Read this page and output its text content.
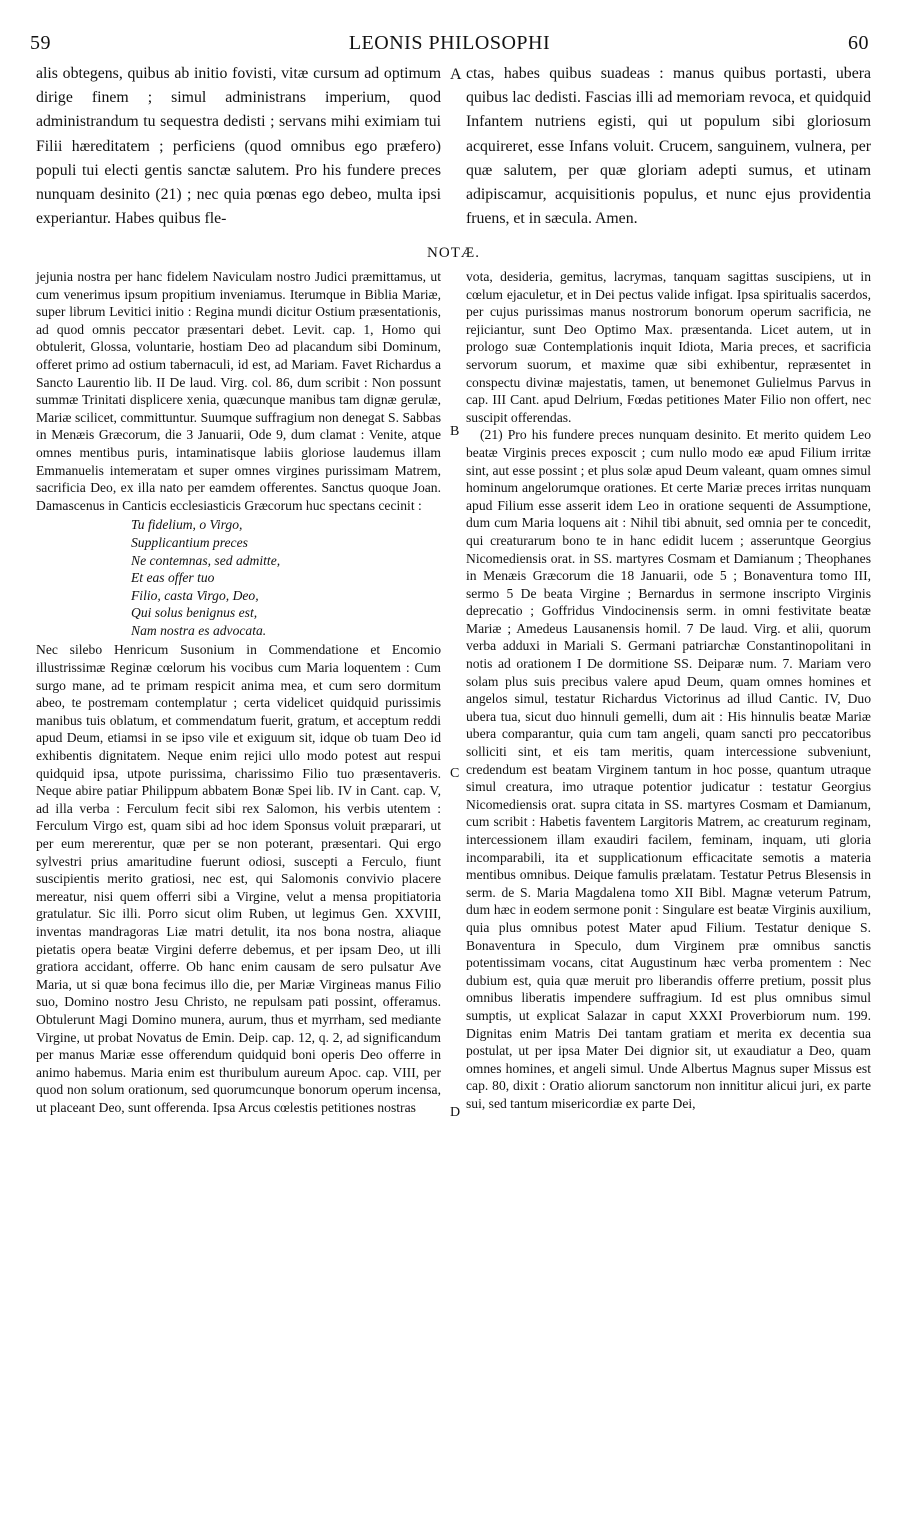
59	LEONIS PHILOSOPHI	60

alis obtegens, quibus ab initio fovisti, vitæ cursum ad optimum dirige finem ; simul administrans imperium, quod administrandum tu sequestra dedisti ; servans mihi eximiam tui Filii hæreditatem ; perficiens (quod omnibus ego præfero) populi tui electi gentis sanctæ salutem. Pro his fundere preces nunquam desinito (21) ; nec quia pœnas ego debeo, multa ipsi experiantur. Habes quibus fle-

ctas, habes quibus suadeas : manus quibus portasti, ubera quibus lac dedisti. Fascias illi ad memoriam revoca, et quidquid Infantem nutriens egisti, qui ut populum sibi gloriosum acquireret, esse Infans voluit. Crucem, sanguinem, vulnera, per quæ salutem, per quæ gloriam adepti sumus, et utinam adipiscamur, acquisitionis populus, et nunc ejus providentia fruens, et in sæcula. Amen.

A
NOTÆ.

jejunia nostra per hanc fidelem Naviculam nostro Judici præmittamus, ut cum venerimus ipsum propitium inveniamus. Iterumque in Biblia Mariæ, super librum Levitici initio : Regina mundi dicitur Ostium præsentationis, ad quod omnis peccator præsentari debet. Levit. cap. 1, Homo qui obtulerit, Glossa, voluntarie, hostiam Deo ad placandum sibi Dominum, offeret primo ad ostium tabernaculi, id est, ad Mariam. Favet Richardus a Sancto Laurentio lib. II De laud. Virg. col. 86, dum scribit : Non possunt summæ Trinitati displicere xenia, quæcunque manibus tam dignæ gerulæ, Mariæ scilicet, committuntur. Suumque suffragium non denegat S. Sabbas in Menæis Græcorum, die 3 Januarii, Ode 9, dum clamat : Venite, atque omnes mentibus puris, intaminatisque labiis gloriose laudemus illam Emmanuelis intemeratam et super omnes virgines purissimam Matrem, sacrificia Deo, ex illa nato per eamdem offerentes. Sanctus quoque Joan. Damascenus in Canticis ecclesiasticis Græcorum huc spectans cecinit :

Tu fidelium, o Virgo,
Supplicantium preces
Ne contemnas, sed admitte,
Et eas offer tuo
Filio, casta Virgo, Deo,
Qui solus benignus est,
Nam nostra es advocata.

Nec silebo Henricum Susonium in Commendatione et Encomio illustrissimæ Reginæ cœlorum his vocibus cum Maria loquentem : Cum surgo mane, ad te primam respicit anima mea, et cum sero dormitum abeo, te postremam contemplatur ; certa videlicet quidquid purissimis manibus tuis oblatum, et commendatum fuerit, gratum, et acceptum reddi apud Deum, etiamsi in se ipso vile et exiguum sit, idque ob tuam Deo id exhibentis dignitatem. Neque enim rejici ullo modo potest aut respui quidquid ipsa, utpote purissima, charissimo Filio tuo præsentaveris. Neque abire patiar Philippum abbatem Bonæ Spei lib. IV in Cant. cap. V, ad illa verba : Ferculum fecit sibi rex Salomon, his verbis utentem : Ferculum Virgo est, quam sibi ad hoc idem Sponsus voluit præparari, ut per eum mererentur, quæ per se non poterant, præsentari. Qui ergo sylvestri prius amaritudine fuerunt odiosi, suscepti a Ferculo, fiunt suscipientis merito gratiosi, nec est, qui Salomonis convivio placere mereatur, nisi quem offerri sibi a Virgine, velut a mensa propitiatoria gratulatur. Sic illi. Porro sicut olim Ruben, ut legimus Gen. XXVIII, inventas mandragoras Liæ matri detulit, ita nos bona nostra, aliaque pietatis opera beatæ Virgini deferre debemus, et per ipsam Deo, ut illi gratiora accidant, offerre. Ob hanc enim causam de sero pulsatur Ave Maria, ut si quæ bona fecimus illo die, per Mariæ Virgineas manus Filio suo, Domino nostro Jesu Christo, ne repulsam pati possint, offeramus. Obtulerunt Magi Domino munera, aurum, thus et myrrham, sed mediante Virgine, ut probat Novatus de Emin. Deip. cap. 12, q. 2, ad significandum per manus Mariæ esse offerendum quidquid boni operis Deo offerre in animo habemus. Maria enim est thuribulum aureum Apoc. cap. VIII, per quod non solum orationum, sed quorumcunque bonorum operum incensa, ut placeant Deo, sunt offerenda. Ipsa Arcus cœlestis petitiones nostras

vota, desideria, gemitus, lacrymas, tanquam sagittas suscipiens, ut in cœlum ejaculetur, et in Dei pectus valide infigat. Ipsa spiritualis sacerdos, per cujus purissimas manus nostrorum bonorum operum sacrificia, ne rejiciantur, sunt Deo Optimo Max. præsentanda. Licet autem, ut in prologo suæ Contemplationis inquit Idiota, Maria preces, et sacrificia servorum suorum, et maxime quæ sibi exhibentur, repræsentet in conspectu divinæ majestatis, tamen, ut benemonet Gulielmus Parvus in cap. III Cant. apud Delrium, Fœdas petitiones Mater Filio non offert, nec suscipit offerendas.

(21) Pro his fundere preces nunquam desinito. Et merito quidem Leo beatæ Virginis preces exposcit ; cum nullo modo eæ apud Filium irritæ sint, aut esse possint ; et plus solæ apud Deum valeant, quam omnes simul hominum angelorumque orationes. Et certe Mariæ preces irritas nunquam apud Filium esse asserit idem Leo in oratione sequenti de Assumptione, dum cum Maria loquens ait : Nihil tibi abnuit, sed omnia per te concedit, qui creaturarum bono te in hanc edidit lucem ; asseruntque Georgius Nicomediensis orat. in SS. martyres Cosmam et Damianum ; Theophanes in Menæis Græcorum die 18 Januarii, ode 5 ; Bonaventura tomo III, sermo 5 De beata Virgine ; Bernardus in sermone inscripto Virginis deprecatio ; Goffridus Vindocinensis serm. in omni festivitate beatæ Mariæ ; Amedeus Lausanensis homil. 7 De laud. Virg. et alii, quorum verba adduxi in Mariali S. Germani patriarchæ Constantinopolitani in notis ad orationem I De dormitione SS. Deiparæ num. 7. Mariam vero solam plus suis precibus valere apud Deum, quam omnes homines et angelos simul, testatur Richardus Victorinus ad illud Cantic. IV, Duo ubera tua, sicut duo hinnuli gemelli, dum ait : His hinnulis beatæ Mariæ ubera comparantur, quia cum tam angeli, quam sancti pro peccatoribus solliciti sint, et eis tam meritis, quam intercessione subveniunt, credendum est beatam Virginem tantum in hoc posse, quantum utraque simul creatura, imo utraque potentior judicatur : testatur Georgius Nicomediensis orat. supra citata in SS. martyres Cosmam et Damianum, cum scribit : Habetis faventem Largitoris Matrem, ac creaturum reginam, intercessionem illam exaudiri facilem, feminam, inquam, uti gloria incomparabili, ita et supplicationum efficacitate semotis a materia mentibus omnibus. Deique famulis prælatam. Testatur Petrus Blesensis in serm. de S. Maria Magdalena tomo XII Bibl. Magnæ veterum Patrum, dum hæc in eodem sermone ponit : Singulare est beatæ Virginis auxilium, quia plus omnibus potest Mater apud Filium. Testatur denique S. Bonaventura in Speculo, dum Virginem præ omnibus sanctis potentissimam vocans, citat Augustinum hæc verba promentem : Nec dubium est, quia quæ meruit pro liberandis offerre pretium, possit plus omnibus liberatis impendere suffragium. Id est plus omnibus simul sumptis, ut explicat Salazar in caput XXXI Proverbiorum num. 199. Dignitas enim Matris Dei tantam gratiam et merita ex decentia sua postulat, ut per ipsa Mater Dei dignior sit, ut exaudiatur a Deo, quam omnes homines, et angeli simul. Unde Albertus Magnus super Missus est cap. 80, dixit : Oratio aliorum sanctorum non innititur alicui juri, ex parte sui, sed tantum misericordiæ ex parte Dei,

B
C
D
